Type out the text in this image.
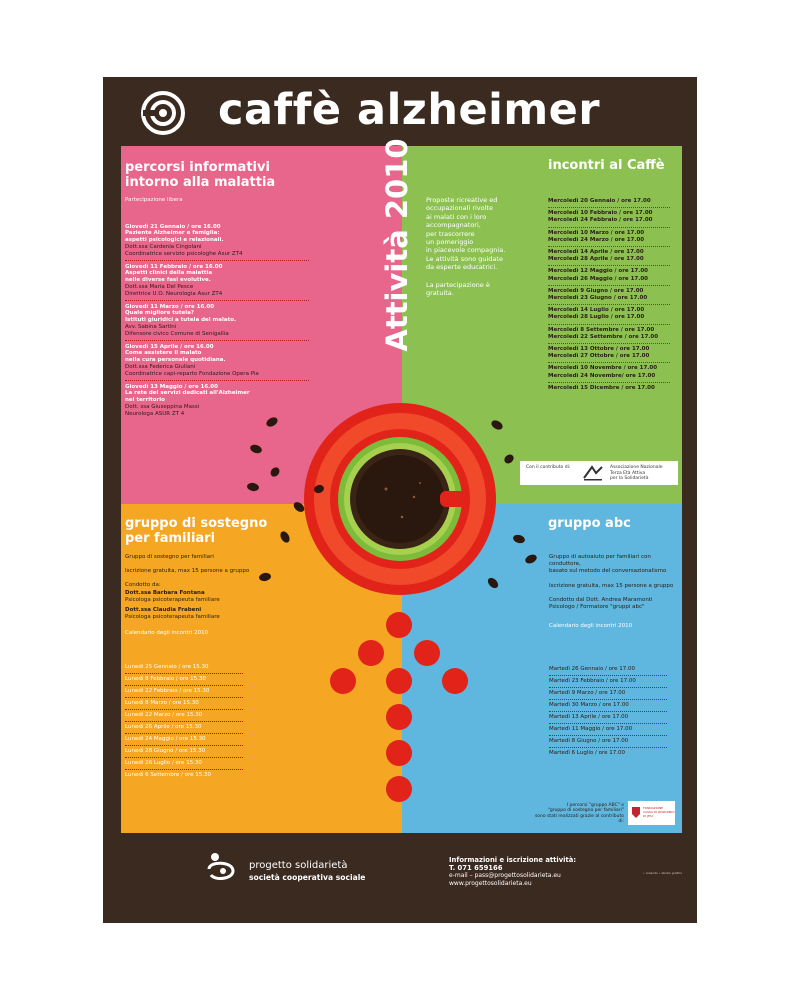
caffè alzheimer
percorsi informativi
intorno alla malattia
Partecipazione libera
Giovedì 21 Gennaio / ore 16.00
Paziente Alzheimer e famiglia:
aspetti psicologici e relazionali.
Dott.ssa Cardenia Cingolani
Coordinatrice servizio psicologhe Asur ZT4
Giovedì 11 Febbraio / ore 16.00
Aspetti clinici della malattia
nelle diverse fasi evolutive.
Dott.ssa Maria Del Pesce
Direttrice U.O. Neurologia Asur ZT4
Giovedì 11 Marzo / ore 16.00
Quale migliore tutela?
Istituti giuridici a tutela del malato.
Avv. Sabina Sartini
Difensore civico Comune di Senigallia
Giovedì 15 Aprile / ore 16.00
Come assistere il malato
nella cura personale quotidiana.
Dott.ssa Federica Giuliani
Coordinatrice capi-reparto Fondazione Opera Pia
Giovedì 13 Maggio / ore 16.00
La rete dei servizi dedicati all'Alzheimer
nel territorio
Dott. ssa Giuseppina Massi
Neurologa ASUR ZT 4
incontri al Caffè
Proposte ricreative ed
occupazionali rivolte
ai malati con i loro
accompagnatori,
per trascorrere
un pomeriggio
in piacevole compagnia.
Le attività sono guidate
da esperte educatrici.
La partecipazione è gratuita.
Mercoledì 20 Gennaio / ore 17.00
Mercoledì 10 Febbraio / ore 17.00
Mercoledì 24 Febbraio / ore 17.00
Mercoledì 10 Marzo / ore 17.00
Mercoledì 24 Marzo / ore 17.00
Mercoledì 14 Aprile / ore 17.00
Mercoledì 28 Aprile / ore 17.00
Mercoledì 12 Maggio / ore 17.00
Mercoledì 26 Maggio / ore 17.00
Mercoledì 9 Giugno / ore 17.00
Mercoledì 23 Giugno / ore 17.00
Mercoledì 14 Luglio / ore 17.00
Mercoledì 28 Luglio / ore 17.00
Mercoledì 8 Settembre / ore 17.00
Mercoledì 22 Settembre / ore 17.00
Mercoledì 13 Ottobre / ore 17.00
Mercoledì 27 Ottobre / ore 17.00
Mercoledì 10 Novembre / ore 17.00
Mercoledì 24 Novembre/ ore 17.00
Mercoledì 15 Dicembre / ore 17.00
Con il contributo di:	Associazione Nazionale
Terza Età Attiva
per la Solidarietà
gruppo di sostegno
per familiari
Gruppo di sostegno per familiari
Iscrizione gratuita, max 15 persone a gruppo
Condotto da:
Dott.ssa Barbara Fontana
Psicologa psicoterapeuta familiare
Dott.ssa Claudia Frabeni
Psicologa psicoterapeuta familiare
Calendario degli incontri 2010
Lunedì 25 Gennaio / ore 15.30
Lunedì 8 Febbraio / ore 15.30
Lunedì 22 Febbraio / ore 15.30
Lunedì 8 Marzo / ore 15.30
Lunedì 22 Marzo / ore 15.30
Lunedì 26 Aprile / ore 15.30
Lunedì 24 Maggio / ore 15.30
Lunedì 28 Giugno / ore 15.30
Lunedì 26 Luglio / ore 15.30
Lunedì 6 Settembre / ore 15.30
gruppo abc
Gruppo di autoaiuto per familiari con conduttore,
basato sul metodo del conversazionalismo
Iscrizione gratuita, max 15 persone a gruppo
Condotto dal Dott. Andrea Maramonti
Psicologo / Formatore "gruppi abc"
Calendario degli incontri 2010
Martedì 26 Gennaio / ore 17.00
Martedì 23 Febbraio / ore 17.00
Martedì 9 Marzo / ore 17.00
Martedì 30 Marzo / ore 17.00
Martedì 13 Aprile / ore 17.00
Martedì 11 Maggio / ore 17.00
Martedì 8 Giugno / ore 17.00
Martedì 6 Luglio / ore 17.00
I percorsi "gruppo ABC" e
"gruppo di sostegno per familiari"
sono stati realizzati grazie al contributo di:
FONDAZIONE
CASSA DI RISPARMIO
DI JESI
Attività 2010
progetto solidarietà
società cooperativa sociale
Informazioni e iscrizione attività:
T. 071 659166
e-mail – pass@progettosolidarieta.eu
www.progettosolidarieta.eu
• creando • studio grafico
